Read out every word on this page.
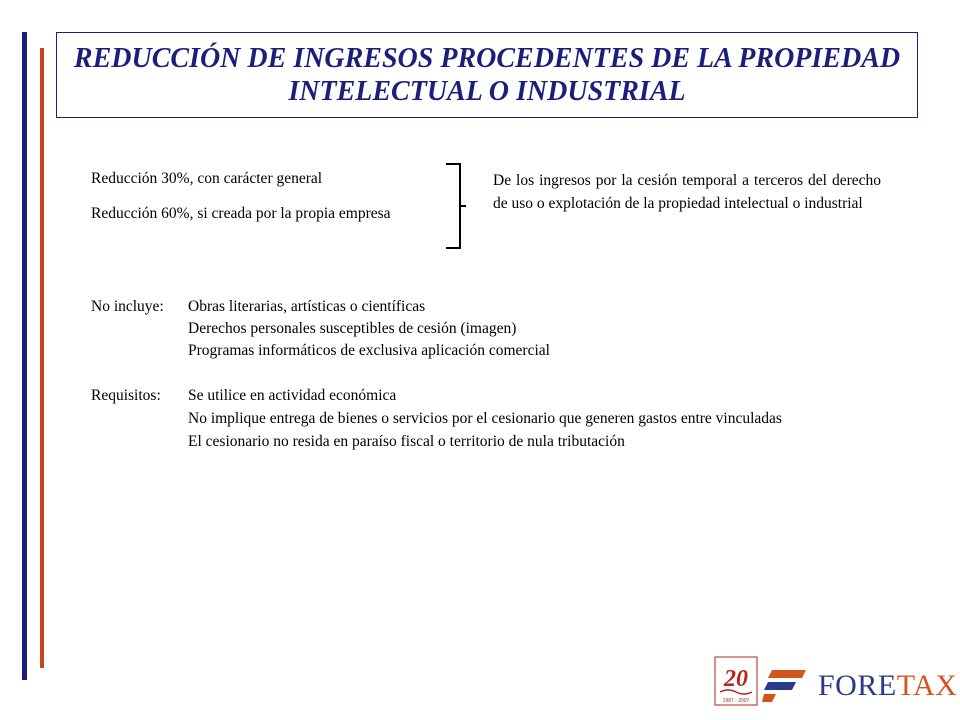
REDUCCIÓN DE INGRESOS PROCEDENTES DE LA PROPIEDAD INTELECTUAL O INDUSTRIAL
Reducción 30%, con carácter general
Reducción 60%, si creada por la propia empresa
De los ingresos por la cesión temporal a terceros del derecho de uso o explotación de la propiedad intelectual o industrial
No incluye: Obras literarias, artísticas o científicas
Derechos personales susceptibles de cesión (imagen)
Programas informáticos de exclusiva aplicación comercial
Requisitos: Se utilice en actividad económica
No implique entrega de bienes o servicios por el cesionario que generen gastos entre vinculadas
El cesionario no resida en paraíso fiscal o territorio de nula tributación
20
1987 - 2007 FORETAX
